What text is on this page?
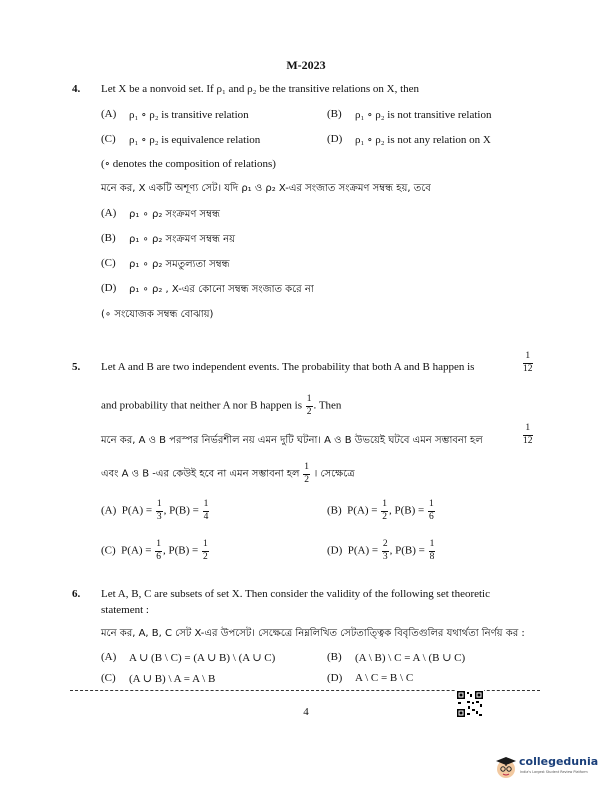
M-2023
4. Let X be a nonvoid set. If ρ₁ and ρ₂ be the transitive relations on X, then
(A) ρ₁ ∘ ρ₂ is transitive relation	(B) ρ₁ ∘ ρ₂ is not transitive relation
(C) ρ₁ ∘ ρ₂ is equivalence relation	(D) ρ₁ ∘ ρ₂ is not any relation on X
(∘ denotes the composition of relations)
মনে কর, X একটি অশূণ্য সেট। যদি ρ₁ ও ρ₂ X-এর সংজাত সংক্রমণ সম্বন্ধ হয়, তবে
(A) ρ₁ ∘ ρ₂ সংক্রমণ সম্বন্ধ
(B) ρ₁ ∘ ρ₂ সংক্রমণ সম্বন্ধ নয়
(C) ρ₁ ∘ ρ₂ সমতুল্যতা সম্বন্ধ
(D) ρ₁ ∘ ρ₂ , X-এর কোনো সম্বন্ধ সংজাত করে না
(∘ সংযোজক সম্বন্ধ বোঝায়)
5. Let A and B are two independent events. The probability that both A and B happen is	$\frac{1}{12}$
and probability that neither A nor B happen is $\frac{1}{2}$ . Then
মনে কর, A ও B পরস্পর নির্ভরশীল নয় এমন দুটি ঘটনা। A ও B উভয়েই ঘটবে এমন সম্ভাবনা হল	$\frac{1}{12}$
এবং A ও B -এর কেউই হবে না এমন সম্ভাবনা হল $\frac{1}{2}$ । সেক্ষেত্রে
(A) $P(A) = \frac{1}{3}$ , $P(B) = \frac{1}{4}$	(B) $P(A) = \frac{1}{2}$ , $P(B) = \frac{1}{6}$
(C) $P(A) = \frac{1}{6}$ , $P(B) = \frac{1}{2}$	(D) $P(A) = \frac{2}{3}$ , $P(B) = \frac{1}{8}$
6. Let A, B, C are subsets of set X. Then consider the validity of the following set theoretic
statement :
মনে কর, A, B, C সেট X-এর উপসেট। সেক্ষেত্রে নিম্নলিখিত সেটতাত্ত্বিক বিবৃতিগুলির যথার্থতা নির্ণয় কর :
(A) A ∪ (B \ C) = (A ∪ B) \ (A ∪ C)	(B) (A \ B) \ C = A \ (B ∪ C)
(C) (A ∪ B) \ A = A \ B	(D) A \ C = B \ C
4
collegedunia
India's Largest Student Review Platform
